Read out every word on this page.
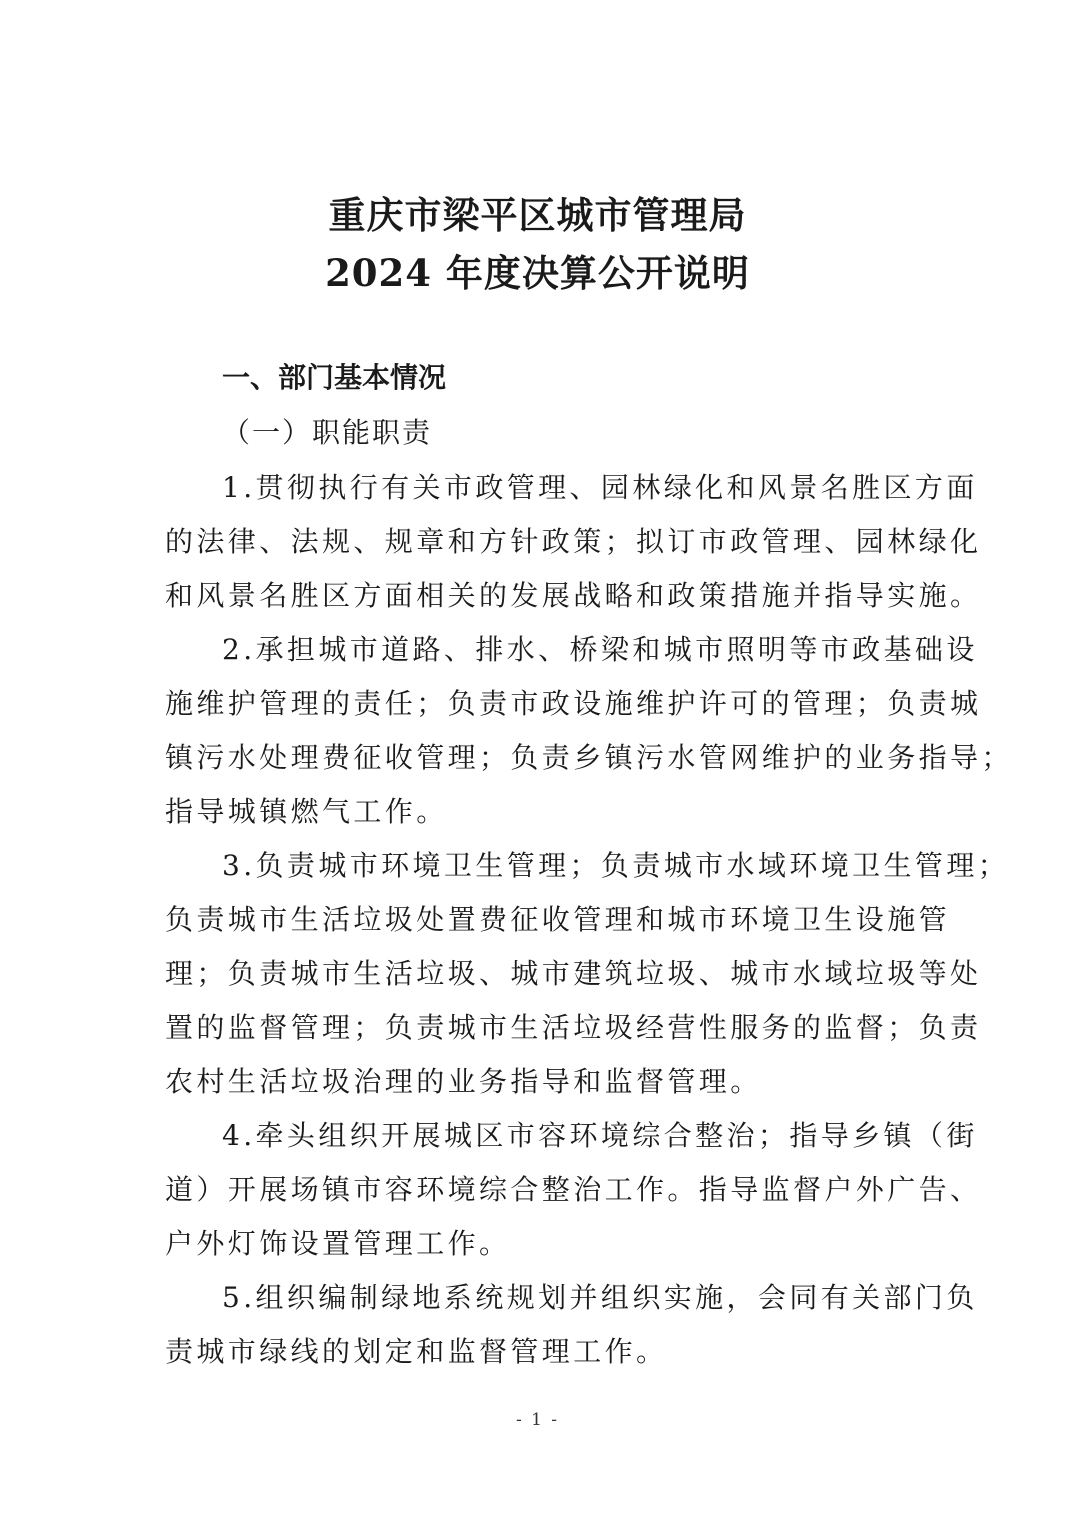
重庆市梁平区城市管理局
2024 年度决算公开说明
一、部门基本情况
（一）职能职责
1.贯彻执行有关市政管理、园林绿化和风景名胜区方面
的法律、法规、规章和方针政策；拟订市政管理、园林绿化
和风景名胜区方面相关的发展战略和政策措施并指导实施。
2.承担城市道路、排水、桥梁和城市照明等市政基础设
施维护管理的责任；负责市政设施维护许可的管理；负责城
镇污水处理费征收管理；负责乡镇污水管网维护的业务指导；
指导城镇燃气工作。
3.负责城市环境卫生管理；负责城市水域环境卫生管理；
负责城市生活垃圾处置费征收管理和城市环境卫生设施管
理；负责城市生活垃圾、城市建筑垃圾、城市水域垃圾等处
置的监督管理；负责城市生活垃圾经营性服务的监督；负责
农村生活垃圾治理的业务指导和监督管理。
4.牵头组织开展城区市容环境综合整治；指导乡镇（街
道）开展场镇市容环境综合整治工作。指导监督户外广告、
户外灯饰设置管理工作。
5.组织编制绿地系统规划并组织实施，会同有关部门负
责城市绿线的划定和监督管理工作。
- 1 -
